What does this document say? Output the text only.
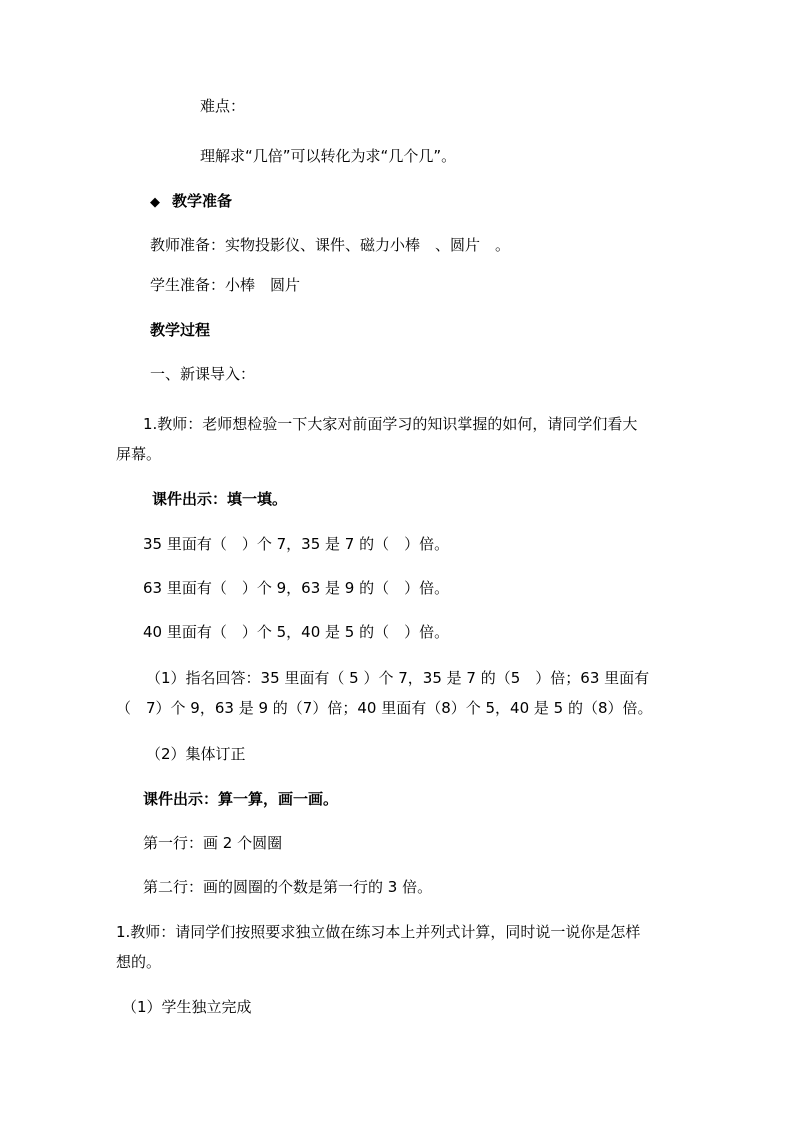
难点：
理解求“几倍”可以转化为求“几个几”。
◆ 教学准备
教师准备：实物投影仪、课件、磁力小棒　、圆片　。
学生准备：小棒　圆片
教学过程
一、新课导入：
1.教师：老师想检验一下大家对前面学习的知识掌握的如何，请同学们看大
屏幕。
课件出示：填一填。
35 里面有（　）个 7，35 是 7 的（　）倍。
63 里面有（　）个 9，63 是 9 的（　）倍。
40 里面有（　）个 5，40 是 5 的（　）倍。
（1）指名回答：35 里面有（ 5 ）个 7，35 是 7 的（5　）倍；63 里面有
（　7）个 9，63 是 9 的（7）倍；40 里面有（8）个 5，40 是 5 的（8）倍。
（2）集体订正
课件出示：算一算，画一画。
第一行：画 2 个圆圈
第二行：画的圆圈的个数是第一行的 3 倍。
1.教师：请同学们按照要求独立做在练习本上并列式计算，同时说一说你是怎样
想的。
（1）学生独立完成
